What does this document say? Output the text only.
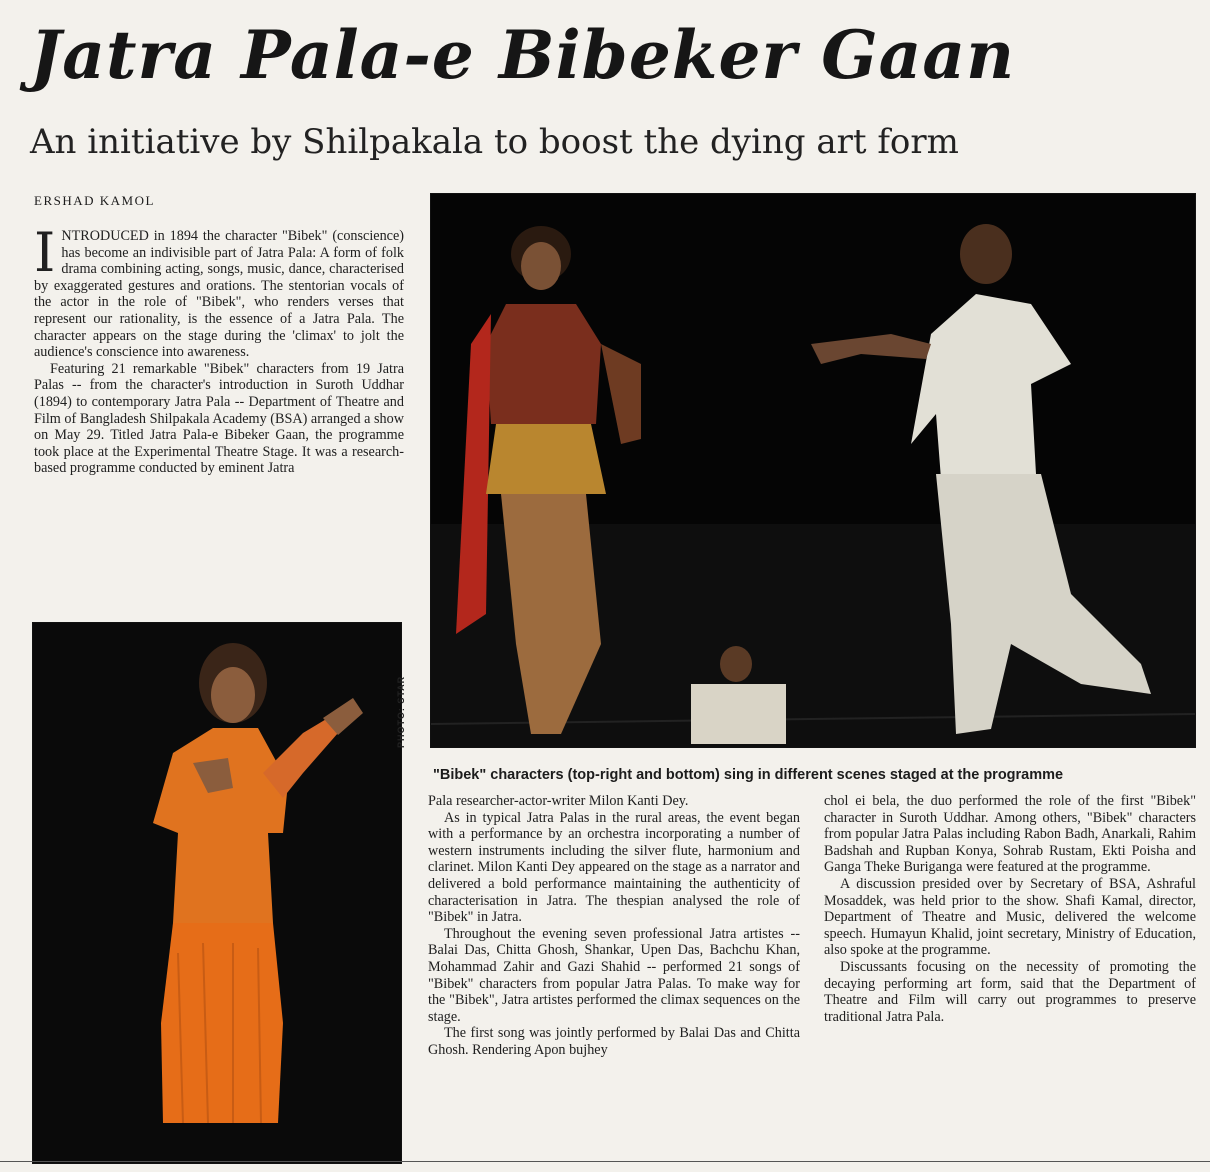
Jatra Pala-e Bibeker Gaan
An initiative by Shilpakala to boost the dying art form
ERSHAD KAMOL

INTRODUCED in 1894 the character "Bibek" (conscience) has become an indivisible part of Jatra Pala: A form of folk drama combining acting, songs, music, dance, characterised by exaggerated gestures and orations. The stentorian vocals of the actor in the role of "Bibek", who renders verses that represent our rationality, is the essence of a Jatra Pala. The character appears on the stage during the 'climax' to jolt the audience's conscience into awareness.

Featuring 21 remarkable "Bibek" characters from 19 Jatra Palas -- from the character's introduction in Suroth Uddhar (1894) to contemporary Jatra Pala -- Department of Theatre and Film of Bangladesh Shilpakala Academy (BSA) arranged a show on May 29. Titled Jatra Pala-e Bibeker Gaan, the programme took place at the Experimental Theatre Stage. It was a research-based programme conducted by eminent Jatra

PHOTO: STAR
"Bibek" characters (top-right and bottom) sing in different scenes staged at the programme

Pala researcher-actor-writer Milon Kanti Dey.

As in typical Jatra Palas in the rural areas, the event began with a performance by an orchestra incorporating a number of western instruments including the silver flute, harmonium and clarinet. Milon Kanti Dey appeared on the stage as a narrator and delivered a bold performance maintaining the authenticity of characterisation in Jatra. The thespian analysed the role of "Bibek" in Jatra.

Throughout the evening seven professional Jatra artistes -- Balai Das, Chitta Ghosh, Shankar, Upen Das, Bachchu Khan, Mohammad Zahir and Gazi Shahid -- performed 21 songs of "Bibek" characters from popular Jatra Palas. To make way for the "Bibek", Jatra artistes performed the climax sequences on the stage.

The first song was jointly performed by Balai Das and Chitta Ghosh. Rendering Apon bujhey

chol ei bela, the duo performed the role of the first "Bibek" character in Suroth Uddhar. Among others, "Bibek" characters from popular Jatra Palas including Rabon Badh, Anarkali, Rahim Badshah and Rupban Konya, Sohrab Rustam, Ekti Poisha and Ganga Theke Buriganga were featured at the programme.

A discussion presided over by Secretary of BSA, Ashraful Mosaddek, was held prior to the show. Shafi Kamal, director, Department of Theatre and Music, delivered the welcome speech. Humayun Khalid, joint secretary, Ministry of Education, also spoke at the programme.

Discussants focusing on the necessity of promoting the decaying performing art form, said that the Department of Theatre and Film will carry out programmes to preserve traditional Jatra Pala.
